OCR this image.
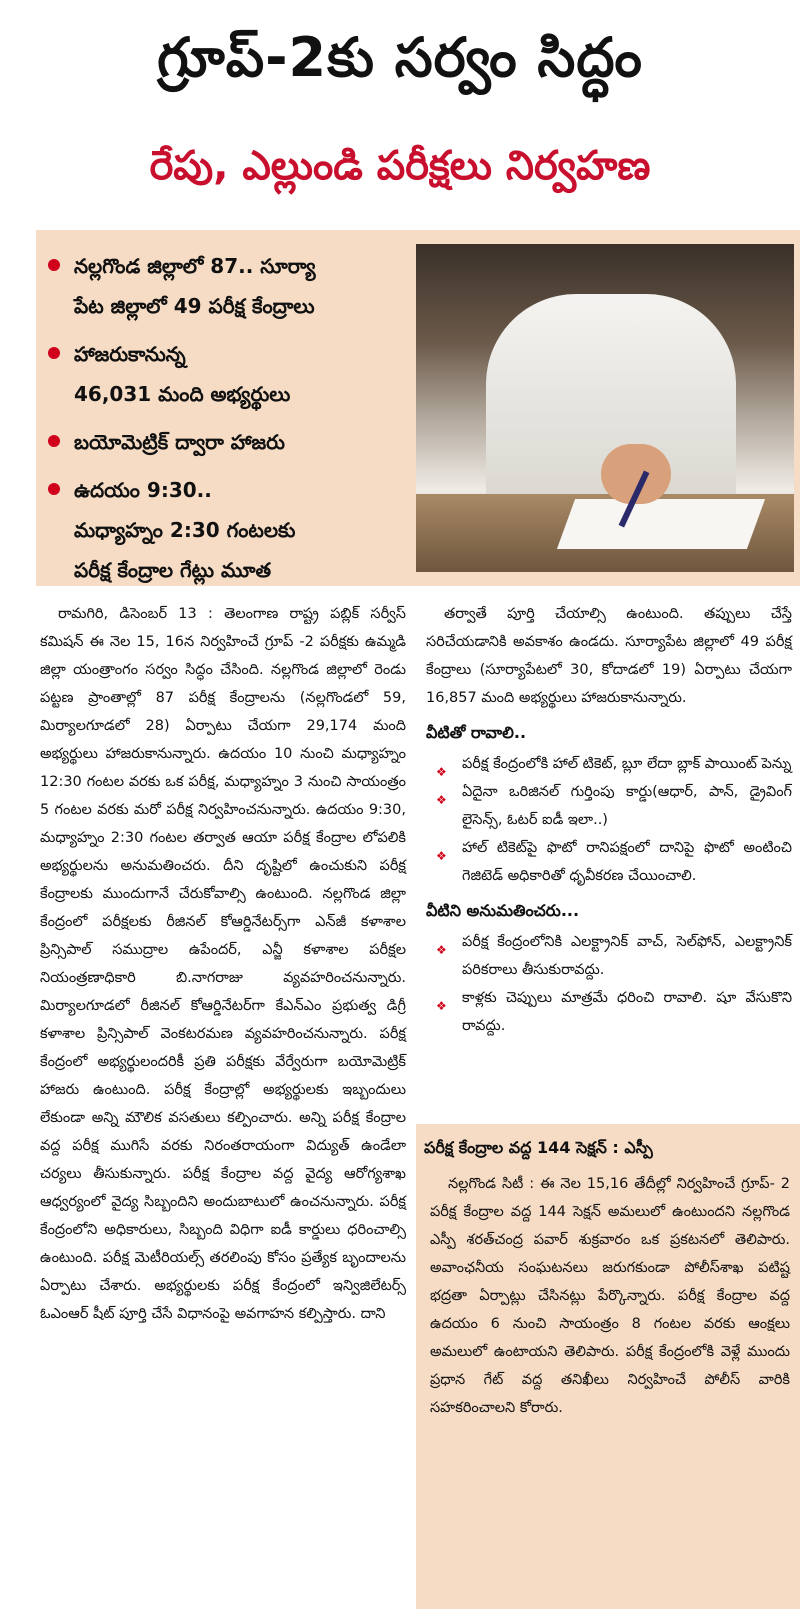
గ్రూప్-2కు సర్వం సిద్ధం
రేపు, ఎల్లుండి పరీక్షలు నిర్వహణ
నల్లగొండ జిల్లాలో 87.. సూర్యా
పేట జిల్లాలో 49 పరీక్ష కేంద్రాలు
హాజరుకానున్న
46,031 మంది అభ్యర్థులు
బయోమెట్రిక్ ద్వారా హాజరు
ఉదయం 9:30..
మధ్యాహ్నం 2:30 గంటలకు
పరీక్ష కేంద్రాల గేట్లు మూత

రామగిరి, డిసెంబర్ 13 : తెలంగాణ రాష్ట్ర పబ్లిక్ సర్వీస్ కమిషన్ ఈ నెల 15, 16న నిర్వహించే గ్రూప్ -2 పరీక్షకు ఉమ్మడి జిల్లా యంత్రాంగం సర్వం సిద్ధం చేసింది. నల్లగొండ జిల్లాలో రెండు పట్టణ ప్రాంతాల్లో 87 పరీక్ష కేంద్రాలను (నల్లగొండలో 59, మిర్యాలగూడలో 28) ఏర్పాటు చేయగా 29,174 మంది అభ్యర్థులు హాజరుకానున్నారు. ఉదయం 10 నుంచి మధ్యాహ్నం 12:30 గంటల వరకు ఒక పరీక్ష, మధ్యాహ్నం 3 నుంచి సాయంత్రం 5 గంటల వరకు మరో పరీక్ష నిర్వహించనున్నారు. ఉదయం 9:30, మధ్యాహ్నం 2:30 గంటల తర్వాత ఆయా పరీక్ష కేంద్రాల లోపలికి అభ్యర్థులను అనుమతించరు. దీని దృష్టిలో ఉంచుకుని పరీక్ష కేంద్రాలకు ముందుగానే చేరుకోవాల్సి ఉంటుంది. నల్లగొండ జిల్లా కేంద్రంలో పరీక్షలకు రీజినల్ కోఆర్డినేటర్స్‌గా ఎన్‌జీ కళాశాల ప్రిన్సిపాల్ సముద్రాల ఉపేందర్, ఎన్జీ కళాశాల పరీక్షల నియంత్రణాధికారి బి.నాగరాజు వ్యవహరించనున్నారు. మిర్యాలగూడలో రీజినల్ కోఆర్డినేటర్‌గా కేఎన్ఎం ప్రభుత్వ డిగ్రీ కళాశాల ప్రిన్సిపాల్ వెంకటరమణ వ్యవహరించనున్నారు. పరీక్ష కేంద్రంలో అభ్యర్థులందరికీ ప్రతి పరీక్షకు వేర్వేరుగా బయోమెట్రిక్ హాజరు ఉంటుంది. పరీక్ష కేంద్రాల్లో అభ్యర్థులకు ఇబ్బందులు లేకుండా అన్ని మౌలిక వసతులు కల్పించారు. అన్ని పరీక్ష కేంద్రాల వద్ద పరీక్ష ముగిసే వరకు నిరంతరాయంగా విద్యుత్ ఉండేలా చర్యలు తీసుకున్నారు. పరీక్ష కేంద్రాల వద్ద వైద్య ఆరోగ్యశాఖ ఆధ్వర్యంలో వైద్య సిబ్బందిని అందుబాటులో ఉంచనున్నారు. పరీక్ష కేంద్రంలోని అధికారులు, సిబ్బంది విధిగా ఐడీ కార్డులు ధరించాల్సి ఉంటుంది. పరీక్ష మెటీరియల్స్ తరలింపు కోసం ప్రత్యేక బృందాలను ఏర్పాటు చేశారు. అభ్యర్థులకు పరీక్ష కేంద్రంలో ఇన్విజిలేటర్స్ ఓఎంఆర్ షీట్ పూర్తి చేసే విధానంపై అవగాహన కల్పిస్తారు. దాని

తర్వాతే పూర్తి చేయాల్సి ఉంటుంది. తప్పులు చేస్తే సరిచేయడానికి అవకాశం ఉండదు. సూర్యాపేట జిల్లాలో 49 పరీక్ష కేంద్రాలు (సూర్యాపేటలో 30, కోదాడలో 19) ఏర్పాటు చేయగా 16,857 మంది అభ్యర్థులు హాజరుకానున్నారు.

వీటితో రావాలి..
❖ పరీక్ష కేంద్రంలోకి హాల్ టికెట్, బ్లూ లేదా బ్లాక్ పాయింట్ పెన్ను
❖ ఏదైనా ఒరిజినల్ గుర్తింపు కార్డు(ఆధార్, పాన్, డ్రైవింగ్ లైసెన్స్, ఓటర్ ఐడీ ఇలా..)
❖ హాల్ టికెట్‌పై ఫొటో రానిపక్షంలో దానిపై ఫొటో అంటించి గెజిటెడ్ అధికారితో ధృవీకరణ చేయించాలి.
వీటిని అనుమతించరు...
❖ పరీక్ష కేంద్రంలోనికి ఎలక్ట్రానిక్ వాచ్, సెల్‌ఫోన్, ఎలక్ట్రానిక్ పరికరాలు తీసుకురావద్దు.
❖ కాళ్లకు చెప్పులు మాత్రమే ధరించి రావాలి. షూ వేసుకొని రావద్దు.
పరీక్ష కేంద్రాల వద్ద 144 సెక్షన్ : ఎస్పీ

నల్లగొండ సిటీ : ఈ నెల 15,16 తేదీల్లో నిర్వహించే గ్రూప్- 2 పరీక్ష కేంద్రాల వద్ద 144 సెక్షన్ అమలులో ఉంటుందని నల్లగొండ ఎస్పీ శరత్‌చంద్ర పవార్ శుక్రవారం ఒక ప్రకటనలో తెలిపారు. అవాంఛనీయ సంఘటనలు జరుగకుండా పోలీస్‌శాఖ పటిష్ట భద్రతా ఏర్పాట్లు చేసినట్లు పేర్కొన్నారు. పరీక్ష కేంద్రాల వద్ద ఉదయం 6 నుంచి సాయంత్రం 8 గంటల వరకు ఆంక్షలు అమలులో ఉంటాయని తెలిపారు. పరీక్ష కేంద్రంలోకి వెళ్లే ముందు ప్రధాన గేట్ వద్ద తనిఖీలు నిర్వహించే పోలీస్ వారికి సహకరించాలని కోరారు.
